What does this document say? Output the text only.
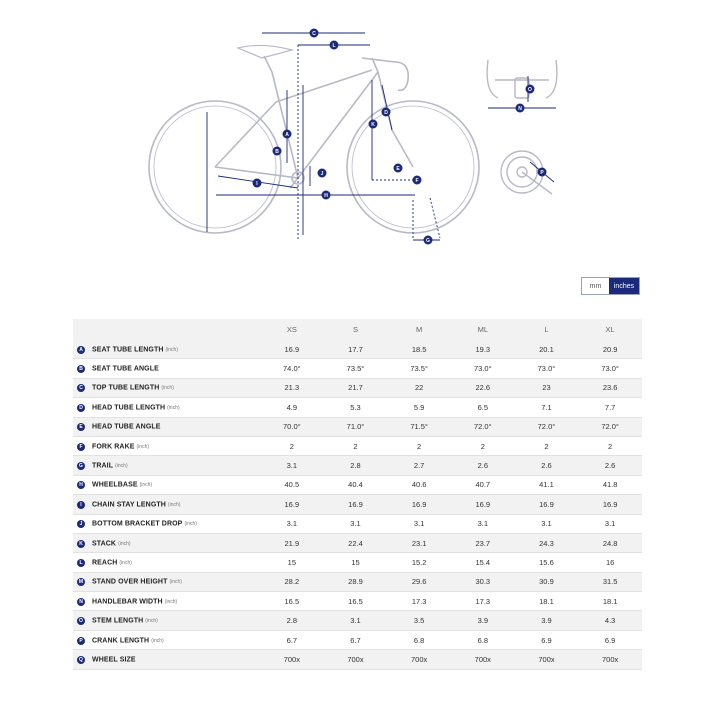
A
B
C
D
E
F
G
H
I
J
K
L
N
O
P
mm	inches
	XS	S	M	ML	L	XL
A SEAT TUBE LENGTH (inch)	16.9	17.7	18.5	19.3	20.1	20.9
B SEAT TUBE ANGLE	74.0°	73.5°	73.5°	73.0°	73.0°	73.0°
C TOP TUBE LENGTH (inch)	21.3	21.7	22	22.6	23	23.6
D HEAD TUBE LENGTH (inch)	4.9	5.3	5.9	6.5	7.1	7.7
E HEAD TUBE ANGLE	70.0°	71.0°	71.5°	72.0°	72.0°	72.0°
F FORK RAKE (inch)	2	2	2	2	2	2
G TRAIL (inch)	3.1	2.8	2.7	2.6	2.6	2.6
H WHEELBASE (inch)	40.5	40.4	40.6	40.7	41.1	41.8
I CHAIN STAY LENGTH (inch)	16.9	16.9	16.9	16.9	16.9	16.9
J BOTTOM BRACKET DROP (inch)	3.1	3.1	3.1	3.1	3.1	3.1
K STACK (inch)	21.9	22.4	23.1	23.7	24.3	24.8
L REACH (inch)	15	15	15.2	15.4	15.6	16
M STAND OVER HEIGHT (inch)	28.2	28.9	29.6	30.3	30.9	31.5
N HANDLEBAR WIDTH (inch)	16.5	16.5	17.3	17.3	18.1	18.1
O STEM LENGTH (inch)	2.8	3.1	3.5	3.9	3.9	4.3
P CRANK LENGTH (inch)	6.7	6.7	6.8	6.8	6.9	6.9
Q WHEEL SIZE	700x	700x	700x	700x	700x	700x
